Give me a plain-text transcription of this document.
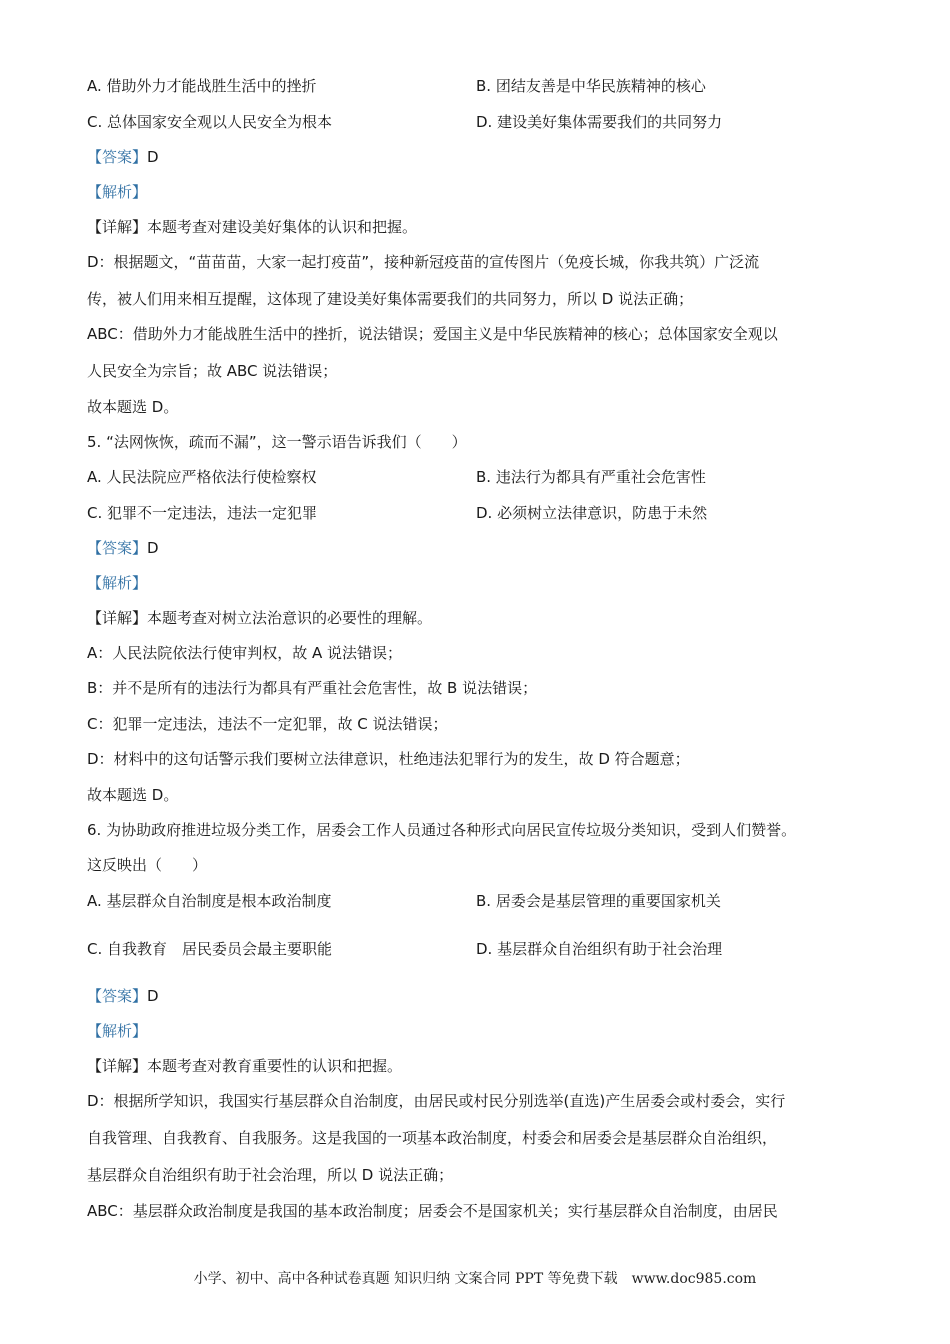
A. 借助外力才能战胜生活中的挫折	B. 团结友善是中华民族精神的核心
C. 总体国家安全观以人民安全为根本	D. 建设美好集体需要我们的共同努力
【答案】D
【解析】
【详解】本题考查对建设美好集体的认识和把握。
D：根据题文，“苗苗苗，大家一起打疫苗”，接种新冠疫苗的宣传图片（免疫长城，你我共筑）广泛流
传，被人们用来相互提醒，这体现了建设美好集体需要我们的共同努力，所以 D 说法正确；
ABC：借助外力才能战胜生活中的挫折，说法错误；爱国主义是中华民族精神的核心；总体国家安全观以
人民安全为宗旨；故 ABC 说法错误；
故本题选 D。
5. “法网恢恢，疏而不漏”，这一警示语告诉我们（　　）
A. 人民法院应严格依法行使检察权	B. 违法行为都具有严重社会危害性
C. 犯罪不一定违法，违法一定犯罪	D. 必须树立法律意识，防患于未然
【答案】D
【解析】
【详解】本题考查对树立法治意识的必要性的理解。
A：人民法院依法行使审判权，故 A 说法错误；
B：并不是所有的违法行为都具有严重社会危害性，故 B 说法错误；
C：犯罪一定违法，违法不一定犯罪，故 C 说法错误；
D：材料中的这句话警示我们要树立法律意识，杜绝违法犯罪行为的发生，故 D 符合题意；
故本题选 D。
6. 为协助政府推进垃圾分类工作，居委会工作人员通过各种形式向居民宣传垃圾分类知识，受到人们赞誉。
这反映出（　　）
A. 基层群众自治制度是根本政治制度	B. 居委会是基层管理的重要国家机关
C. 自我教育　居民委员会最主要职能	D. 基层群众自治组织有助于社会治理
【答案】D
【解析】
【详解】本题考查对教育重要性的认识和把握。
D：根据所学知识，我国实行基层群众自治制度，由居民或村民分别选举(直选)产生居委会或村委会，实行
自我管理、自我教育、自我服务。这是我国的一项基本政治制度，村委会和居委会是基层群众自治组织，
基层群众自治组织有助于社会治理，所以 D 说法正确；
ABC：基层群众政治制度是我国的基本政治制度；居委会不是国家机关；实行基层群众自治制度，由居民
小学、初中、高中各种试卷真题 知识归纳 文案合同 PPT 等免费下载　www.doc985.com
